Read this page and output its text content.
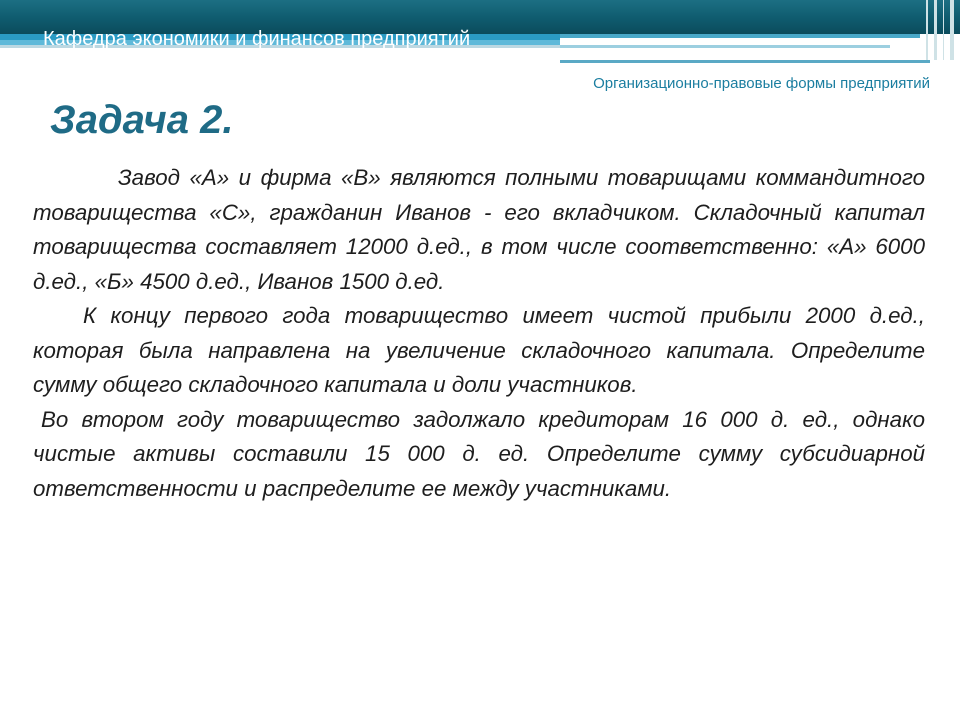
Кафедра экономики и финансов предприятий
Организационно-правовые формы предприятий
Задача 2.

Завод «А» и фирма «В» являются полными товарищами коммандитного товарищества «С», гражданин Иванов - его вкладчиком. Складочный капитал товарищества составляет 12000 д.ед., в том числе соответственно: «А» 6000 д.ед., «Б» 4500 д.ед., Иванов 1500 д.ед.

К концу первого года товарищество имеет чистой прибыли 2000 д.ед., которая была направлена на увеличение складочного капитала. Определите сумму общего складочного капитала и доли участников.

Во втором году товарищество задолжало кредиторам 16 000 д. ед., однако чистые активы составили 15 000 д. ед. Определите сумму субсидиарной ответственности и распределите ее между участниками.
